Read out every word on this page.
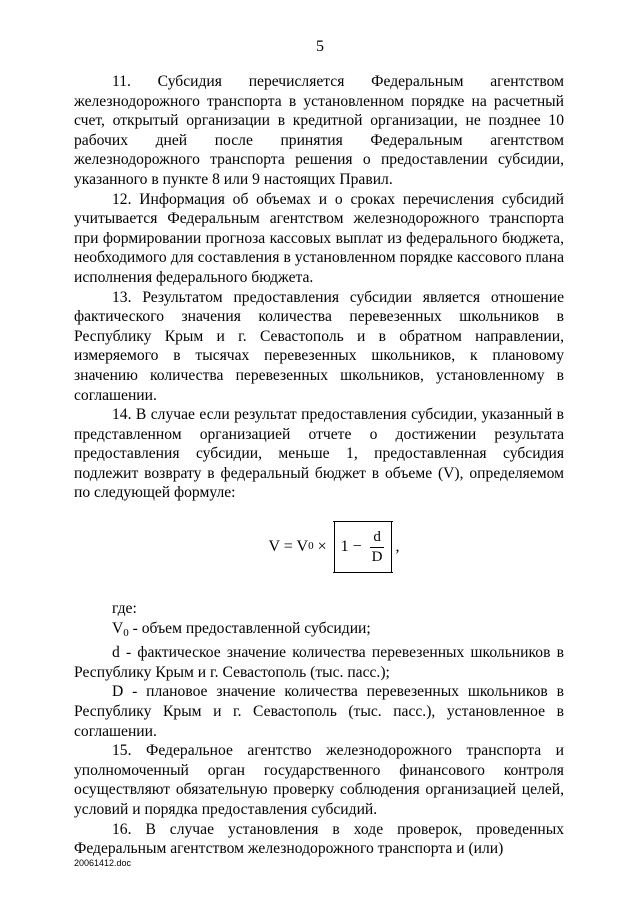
5

11. Субсидия перечисляется Федеральным агентством железнодорожного транспорта в установленном порядке на расчетный счет, открытый организации в кредитной организации, не позднее 10 рабочих дней после принятия Федеральным агентством железнодорожного транспорта решения о предоставлении субсидии, указанного в пункте 8 или 9 настоящих Правил.

12. Информация об объемах и о сроках перечисления субсидий учитывается Федеральным агентством железнодорожного транспорта при формировании прогноза кассовых выплат из федерального бюджета, необходимого для составления в установленном порядке кассового плана исполнения федерального бюджета.

13. Результатом предоставления субсидии является отношение фактического значения количества перевезенных школьников в Республику Крым и г. Севастополь и в обратном направлении, измеряемого в тысячах перевезенных школьников, к плановому значению количества перевезенных школьников, установленному в соглашении.

14. В случае если результат предоставления субсидии, указанный в представленном организацией отчете о достижении результата предоставления субсидии, меньше 1, предоставленная субсидия подлежит возврату в федеральный бюджет в объеме (V), определяемом по следующей формуле:

V = V $0 \times 1 - \frac{d}{D}$ ,

где:

$V_0$ - объем предоставленной субсидии;

d - фактическое значение количества перевезенных школьников в Республику Крым и г. Севастополь (тыс. пасс.);

D - плановое значение количества перевезенных школьников в Республику Крым и г. Севастополь (тыс. пасс.), установленное в соглашении.

15. Федеральное агентство железнодорожного транспорта и уполномоченный орган государственного финансового контроля осуществляют обязательную проверку соблюдения организацией целей, условий и порядка предоставления субсидий.

16. В случае установления в ходе проверок, проведенных Федеральным агентством железнодорожного транспорта и (или)

20061412.doc
